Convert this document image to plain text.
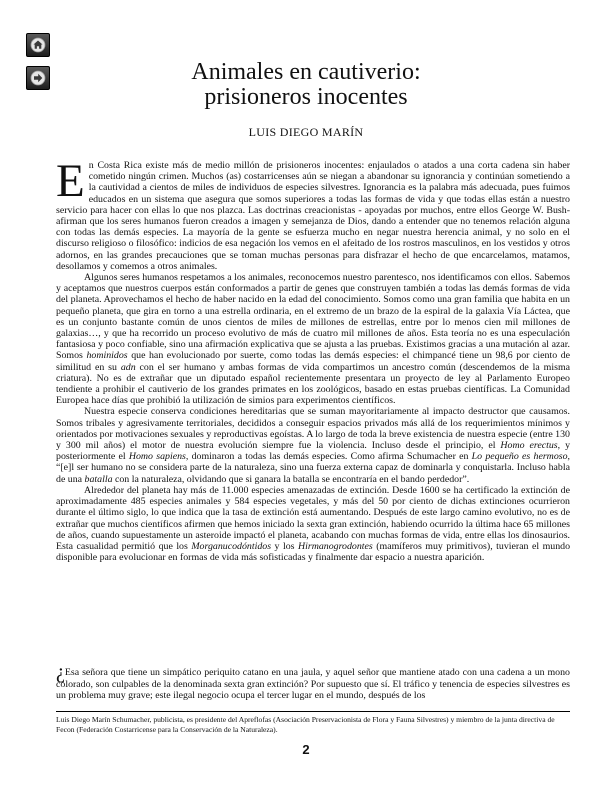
Animales en cautiverio:
prisioneros inocentes
LUIS DIEGO MARÍN

En Costa Rica existe más de medio millón de prisioneros inocentes: enjaulados o atados a una corta cadena sin haber cometido ningún crimen. Muchos (as) costarricenses aún se niegan a abandonar su ignorancia y continúan sometiendo a la cautividad a cientos de miles de individuos de especies silvestres. Ignorancia es la palabra más adecuada, pues fuimos educados en un sistema que asegura que somos superiores a todas las formas de vida y que todas ellas están a nuestro servicio para hacer con ellas lo que nos plazca. Las doctrinas creacionistas - apoyadas por muchos, entre ellos George W. Bush- afirman que los seres humanos fueron creados a imagen y semejanza de Dios, dando a entender que no tenemos relación alguna con todas las demás especies. La mayoría de la gente se esfuerza mucho en negar nuestra herencia animal, y no solo en el discurso religioso o filosófico: indicios de esa negación los vemos en el afeitado de los rostros masculinos, en los vestidos y otros adornos, en las grandes precauciones que se toman muchas personas para disfrazar el hecho de que encarcelamos, matamos, desollamos y comemos a otros animales.

Algunos seres humanos respetamos a los animales, reconocemos nuestro parentesco, nos identificamos con ellos. Sabemos y aceptamos que nuestros cuerpos están conformados a partir de genes que construyen también a todas las demás formas de vida del planeta. Aprovechamos el hecho de haber nacido en la edad del conocimiento. Somos como una gran familia que habita en un pequeño planeta, que gira en torno a una estrella ordinaria, en el extremo de un brazo de la espiral de la galaxia Vía Láctea, que es un conjunto bastante común de unos cientos de miles de millones de estrellas, entre por lo menos cien mil millones de galaxias…, y que ha recorrido un proceso evolutivo de más de cuatro mil millones de años. Esta teoría no es una especulación fantasiosa y poco confiable, sino una afirmación explicativa que se ajusta a las pruebas. Existimos gracias a una mutación al azar. Somos hominidos que han evolucionado por suerte, como todas las demás especies: el chimpancé tiene un 98,6 por ciento de similitud en su adn con el ser humano y ambas formas de vida compartimos un ancestro común (descendemos de la misma criatura). No es de extrañar que un diputado español recientemente presentara un proyecto de ley al Parlamento Europeo tendiente a prohibir el cautiverio de los grandes primates en los zoológicos, basado en estas pruebas científicas. La Comunidad Europea hace días que prohibió la utilización de simios para experimentos científicos.

Nuestra especie conserva condiciones hereditarias que se suman mayoritariamente al impacto destructor que causamos. Somos tribales y agresivamente territoriales, decididos a conseguir espacios privados más allá de los requerimientos mínimos y orientados por motivaciones sexuales y reproductivas egoístas. A lo largo de toda la breve existencia de nuestra especie (entre 130 y 300 mil años) el motor de nuestra evolución siempre fue la violencia. Incluso desde el principio, el Homo erectus, y posteriormente el Homo sapiens, dominaron a todas las demás especies. Como afirma Schumacher en Lo pequeño es hermoso, “[e]l ser humano no se considera parte de la naturaleza, sino una fuerza externa capaz de dominarla y conquistarla. Incluso habla de una batalla con la naturaleza, olvidando que si ganara la batalla se encontraría en el bando perdedor”.

Alrededor del planeta hay más de 11.000 especies amenazadas de extinción. Desde 1600 se ha certificado la extinción de aproximadamente 485 especies animales y 584 especies vegetales, y más del 50 por ciento de dichas extinciones ocurrieron durante el último siglo, lo que indica que la tasa de extinción está aumentando. Después de este largo camino evolutivo, no es de extrañar que muchos científicos afirmen que hemos iniciado la sexta gran extinción, habiendo ocurrido la última hace 65 millones de años, cuando supuestamente un asteroide impactó el planeta, acabando con muchas formas de vida, entre ellas los dinosaurios. Esta casualidad permitió que los Morganucodóntidos y los Hirmanogrodontes (mamíferos muy primitivos), tuvieran el mundo disponible para evolucionar en formas de vida más sofisticadas y finalmente dar espacio a nuestra aparición.

¿Esa señora que tiene un simpático periquito catano en una jaula, y aquel señor que mantiene atado con una cadena a un mono colorado, son culpables de la denominada sexta gran extinción? Por supuesto que sí. El tráfico y tenencia de especies silvestres es un problema muy grave; este ilegal negocio ocupa el tercer lugar en el mundo, después de los
Luis Diego Marín Schumacher, publicista, es presidente del Apreflofas (Asociación Preservacionista de Flora y Fauna Silvestres) y miembro de la junta directiva de Fecon (Federación Costarricense para la Conservación de la Naturaleza).
2
